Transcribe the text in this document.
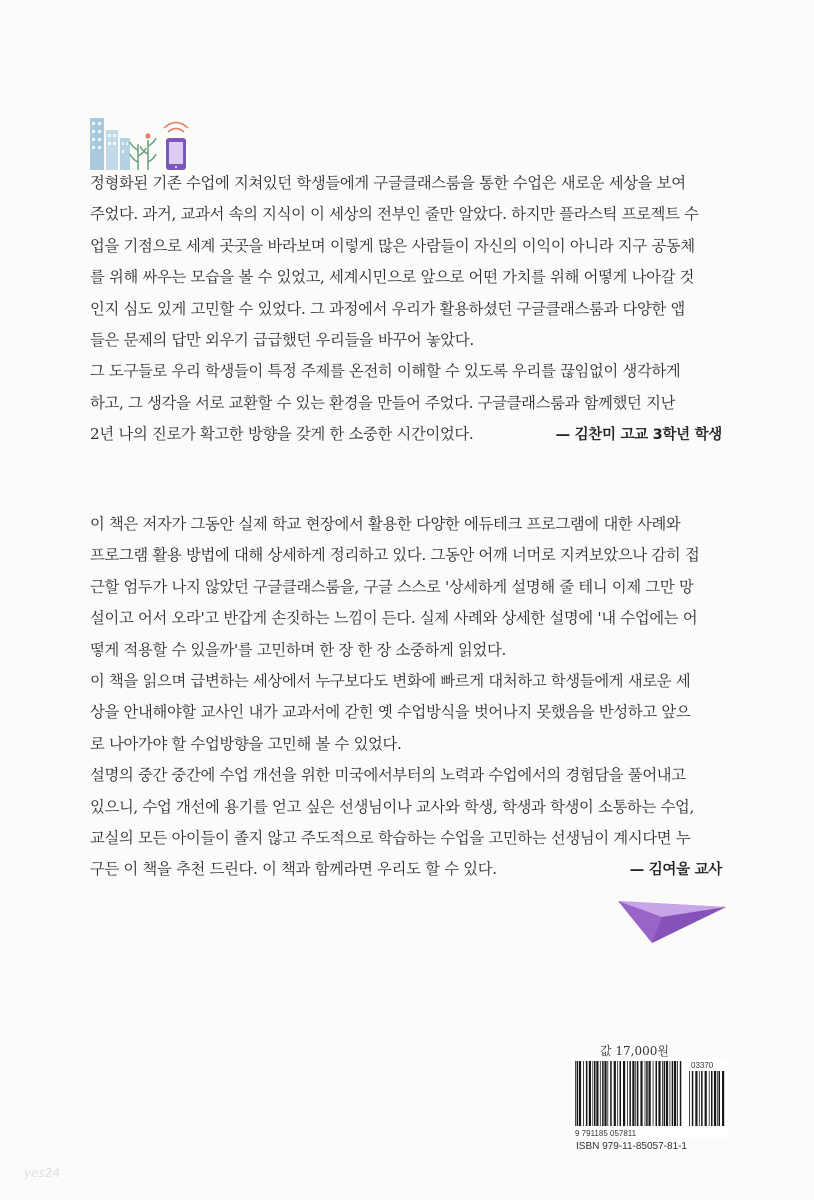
정형화된 기존 수업에 지쳐있던 학생들에게 구글클래스룸을 통한 수업은 새로운 세상을 보여

주었다. 과거, 교과서 속의 지식이 이 세상의 전부인 줄만 알았다. 하지만 플라스틱 프로젝트 수

업을 기점으로 세계 곳곳을 바라보며 이렇게 많은 사람들이 자신의 이익이 아니라 지구 공동체

를 위해 싸우는 모습을 볼 수 있었고, 세계시민으로 앞으로 어떤 가치를 위해 어떻게 나아갈 것

인지 심도 있게 고민할 수 있었다. 그 과정에서 우리가 활용하셨던 구글클래스룸과 다양한 앱

들은 문제의 답만 외우기 급급했던 우리들을 바꾸어 놓았다.

그 도구들로 우리 학생들이 특정 주제를 온전히 이해할 수 있도록 우리를 끊임없이 생각하게

하고, 그 생각을 서로 교환할 수 있는 환경을 만들어 주었다. 구글클래스룸과 함께했던 지난

2년 나의 진로가 확고한 방향을 갖게 한 소중한 시간이었다.	— 김찬미 고교 3학년 학생

이 책은 저자가 그동안 실제 학교 현장에서 활용한 다양한 에듀테크 프로그램에 대한 사례와

프로그램 활용 방법에 대해 상세하게 정리하고 있다. 그동안 어깨 너머로 지켜보았으나 감히 접

근할 엄두가 나지 않았던 구글클래스룸을, 구글 스스로 '상세하게 설명해 줄 테니 이제 그만 망

설이고 어서 오라'고 반갑게 손짓하는 느낌이 든다. 실제 사례와 상세한 설명에 '내 수업에는 어

떻게 적용할 수 있을까'를 고민하며 한 장 한 장 소중하게 읽었다.

이 책을 읽으며 급변하는 세상에서 누구보다도 변화에 빠르게 대처하고 학생들에게 새로운 세

상을 안내해야할 교사인 내가 교과서에 갇힌 옛 수업방식을 벗어나지 못했음을 반성하고 앞으

로 나아가야 할 수업방향을 고민해 볼 수 있었다.

설명의 중간 중간에 수업 개선을 위한 미국에서부터의 노력과 수업에서의 경험담을 풀어내고

있으니, 수업 개선에 용기를 얻고 싶은 선생님이나 교사와 학생, 학생과 학생이 소통하는 수업,

교실의 모든 아이들이 졸지 않고 주도적으로 학습하는 수업을 고민하는 선생님이 계시다면 누

구든 이 책을 추천 드린다. 이 책과 함께라면 우리도 할 수 있다.	— 김여울 교사
값 17,000원
03370
9 791185 057811
ISBN 979-11-85057-81-1
yes24
